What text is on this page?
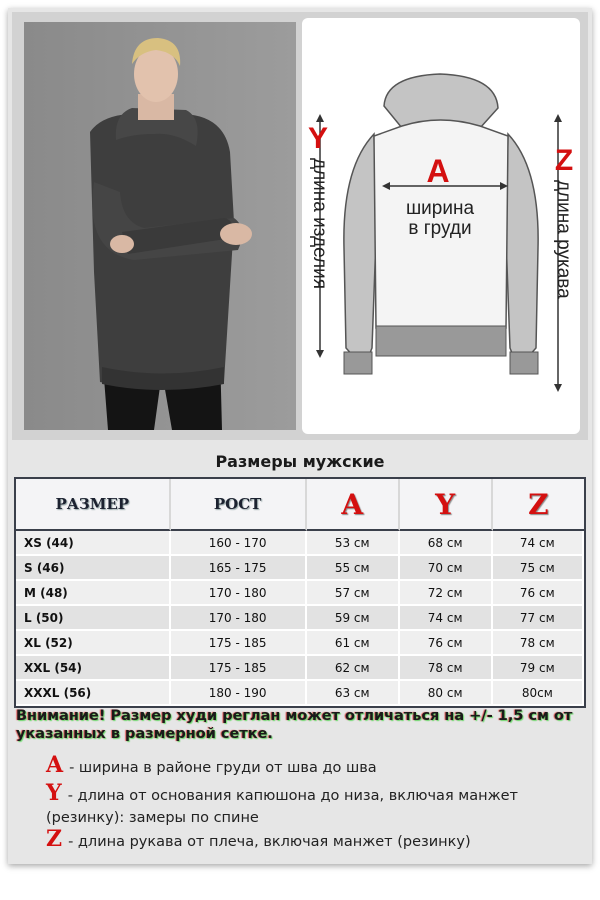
A
ширина
в груди
Y
Z
длина изделия	длина рукава
Размеры мужские
РАЗМЕР	РОСТ	A	Y	Z
XS (44)	160 - 170	53 см	68 см	74 см
S (46)	165 - 175	55 см	70 см	75 см
M (48)	170 - 180	57 см	72 см	76 см
L (50)	170 - 180	59 см	74 см	77 см
XL (52)	175 - 185	61 см	76 см	78 см
XXL (54)	175 - 185	62 см	78 см	79 см
XXXL (56)	180 - 190	63 см	80 см	80см
Внимание! Размер худи реглан может отличаться на +/- 1,5 см от указанных в размерной сетке.
A - ширина в районе груди от шва до шва
Y - длина от основания капюшона до низа, включая манжет (резинку): замеры по спине
Z - длина рукава от плеча, включая манжет (резинку)
